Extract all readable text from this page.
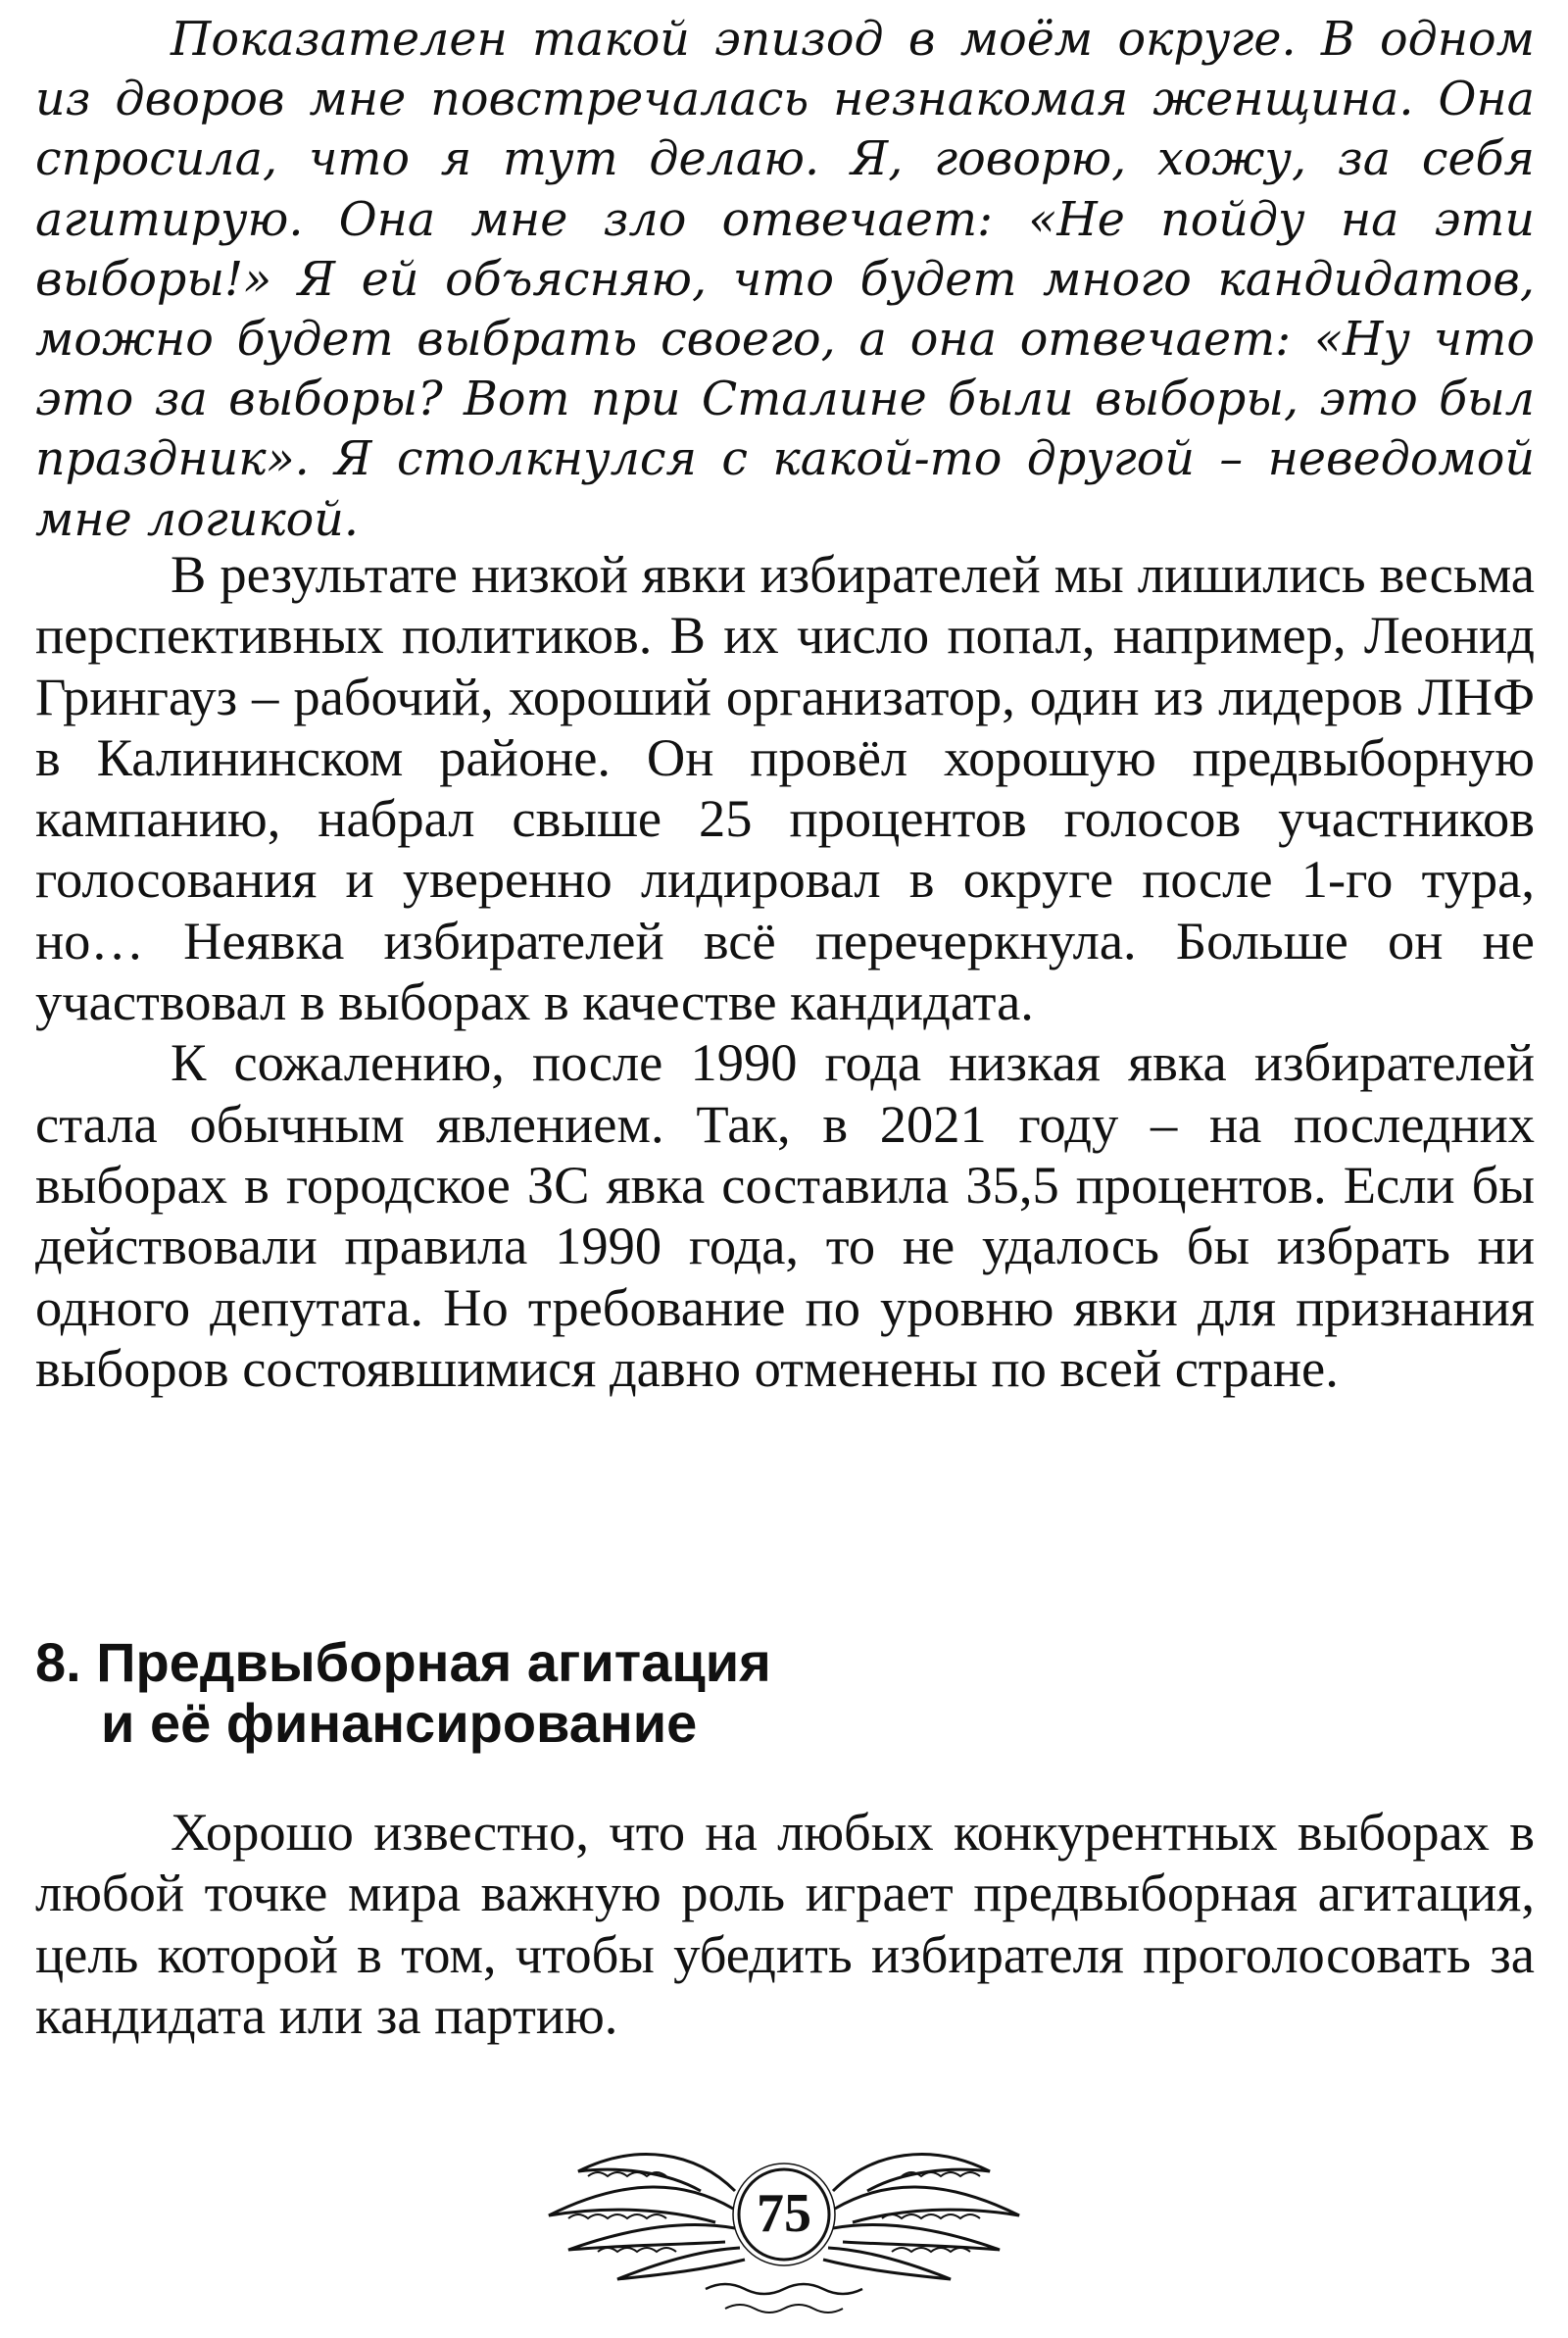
Показателен такой эпизод в моём округе. В одном из дворов мне повстречалась незнакомая женщина. Она спросила, что я тут делаю. Я, говорю, хожу, за себя агитирую. Она мне зло отвечает: «Не пойду на эти выборы!» Я ей объясняю, что будет много кандидатов, можно будет выбрать своего, а она отвечает: «Ну что это за выборы? Вот при Сталине были выборы, это был праздник». Я столкнулся с какой-то другой – неведомой мне логикой.

В результате низкой явки избирателей мы лишились весьма перспективных политиков. В их число попал, например, Леонид Грингауз – рабочий, хороший организатор, один из лидеров ЛНФ в Калининском районе. Он провёл хорошую предвыборную кампанию, набрал свыше 25 процентов голосов участников голосования и уверенно лидировал в округе после 1-го тура, но… Неявка избирателей всё перечеркнула. Больше он не участвовал в выборах в качестве кандидата.

К сожалению, после 1990 года низкая явка избирателей стала обычным явлением. Так, в 2021 году – на последних выборах в городское ЗС явка составила 35,5 процентов. Если бы действовали правила 1990 года, то не удалось бы избрать ни одного депутата. Но требование по уровню явки для признания выборов состоявшимися давно отменены по всей стране.

8. Предвыборная агитация
и её финансирование
Хорошо известно, что на любых конкурентных выборах в любой точке мира важную роль играет предвыборная агитация, цель которой в том, чтобы убедить избирателя проголосовать за кандидата или за партию.
75
